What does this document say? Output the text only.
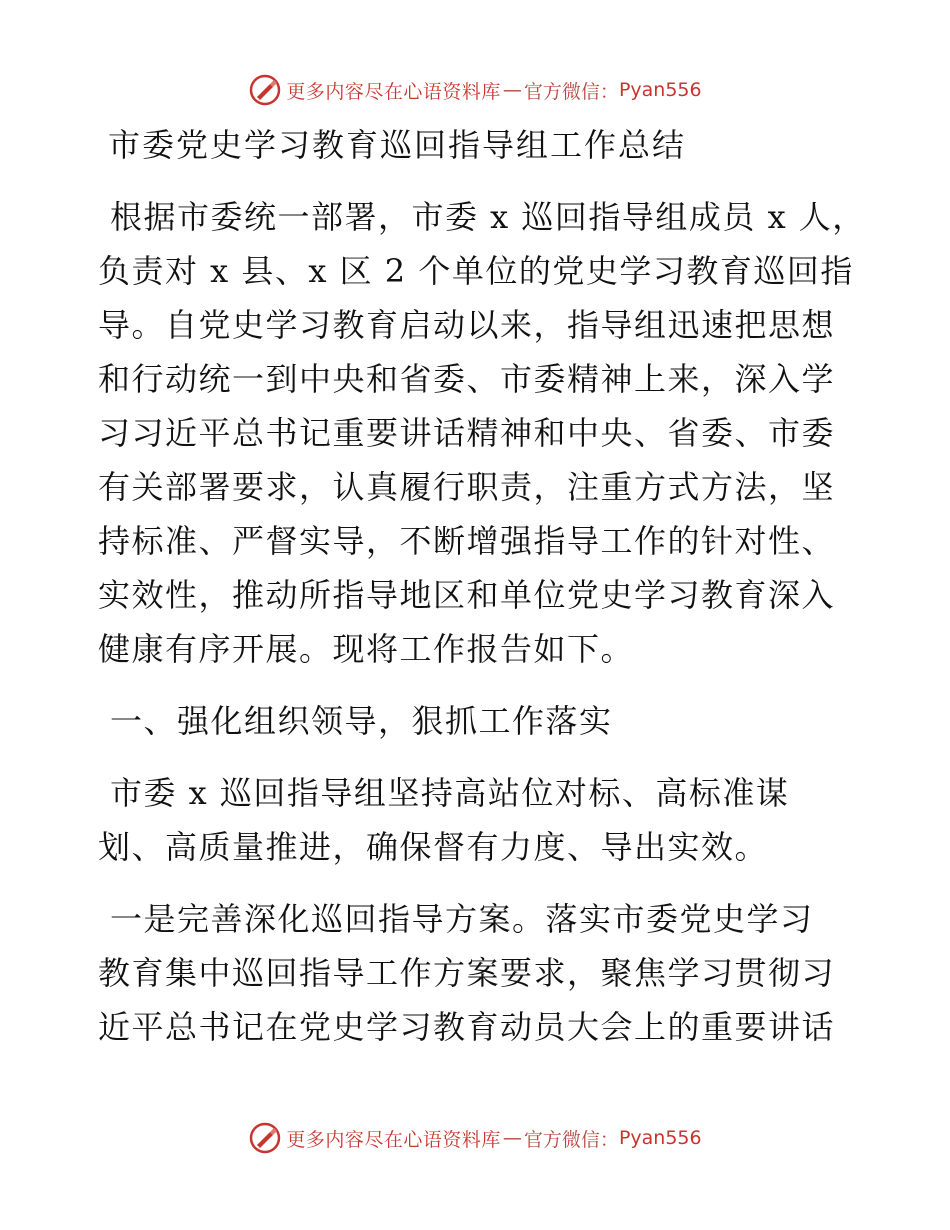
更多内容尽在心语资料库 — 官方微信： Pyan556
市委党史学习教育巡回指导组工作总结
根据市委统一部署，市委 x 巡回指导组成员 x 人，
负责对 x 县、x 区 2 个单位的党史学习教育巡回指
导。自党史学习教育启动以来，指导组迅速把思想
和行动统一到中央和省委、市委精神上来，深入学
习习近平总书记重要讲话精神和中央、省委、市委
有关部署要求，认真履行职责，注重方式方法，坚
持标准、严督实导，不断增强指导工作的针对性、
实效性，推动所指导地区和单位党史学习教育深入
健康有序开展。现将工作报告如下。
一、强化组织领导，狠抓工作落实
市委 x 巡回指导组坚持高站位对标、高标准谋
划、高质量推进，确保督有力度、导出实效。
一是完善深化巡回指导方案。落实市委党史学习
教育集中巡回指导工作方案要求，聚焦学习贯彻习
近平总书记在党史学习教育动员大会上的重要讲话
更多内容尽在心语资料库 — 官方微信： Pyan556
